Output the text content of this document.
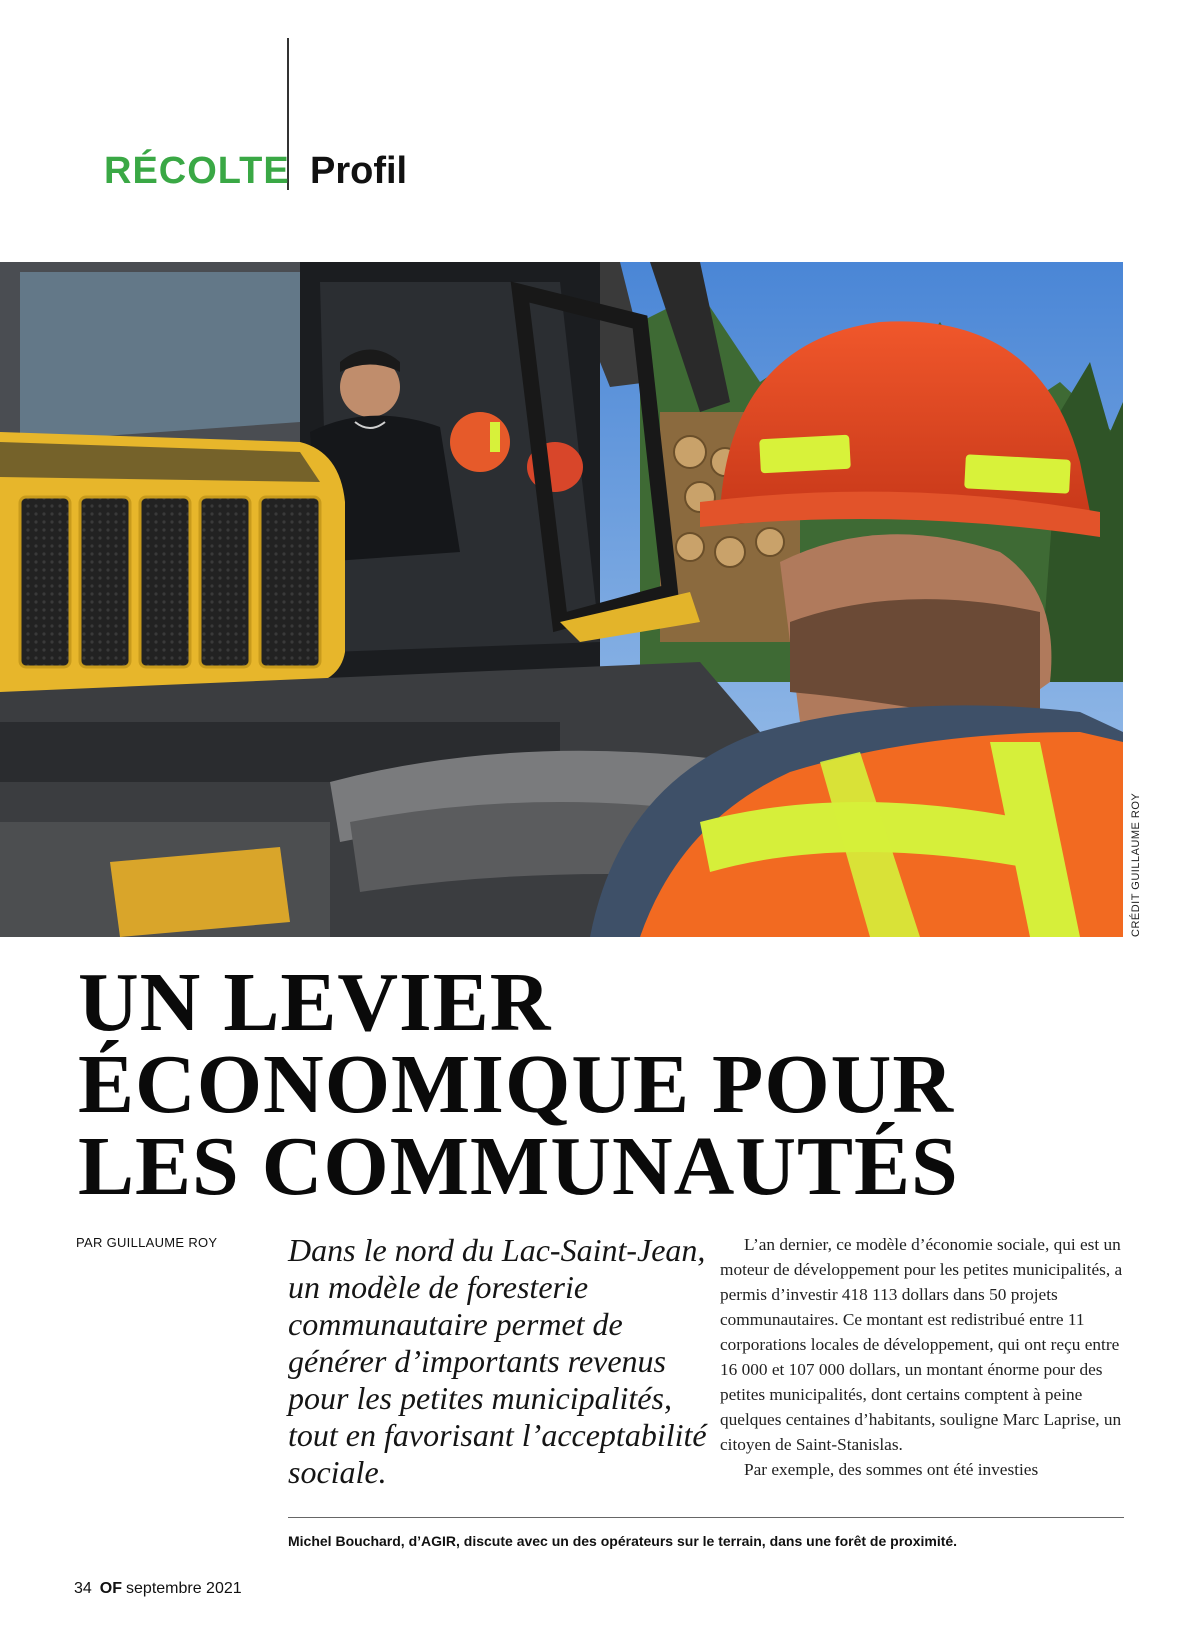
RÉCOLTE Profil
CRÉDIT GUILLAUME ROY
UN LEVIER
ÉCONOMIQUE POUR
LES COMMUNAUTÉS
PAR GUILLAUME ROY Dans le nord du Lac-Saint-Jean, un modèle de foresterie communautaire permet de générer d’importants revenus pour les petites municipalités, tout en favorisant l’acceptabilité sociale.

L’an dernier, ce modèle d’économie sociale, qui est un moteur de développement pour les petites municipalités, a permis d’investir 418 113 dollars dans 50 projets communautaires. Ce montant est redistribué entre 11 corporations locales de développement, qui ont reçu entre 16 000 et 107 000 dollars, un montant énorme pour des petites municipalités, dont certains comptent à peine quelques centaines d’habitants, souligne Marc Laprise, un citoyen de Saint-Stanislas.

Par exemple, des sommes ont été investies

Michel Bouchard, d’AGIR, discute avec un des opérateurs sur le terrain, dans une forêt de proximité.
34 OF septembre 2021
